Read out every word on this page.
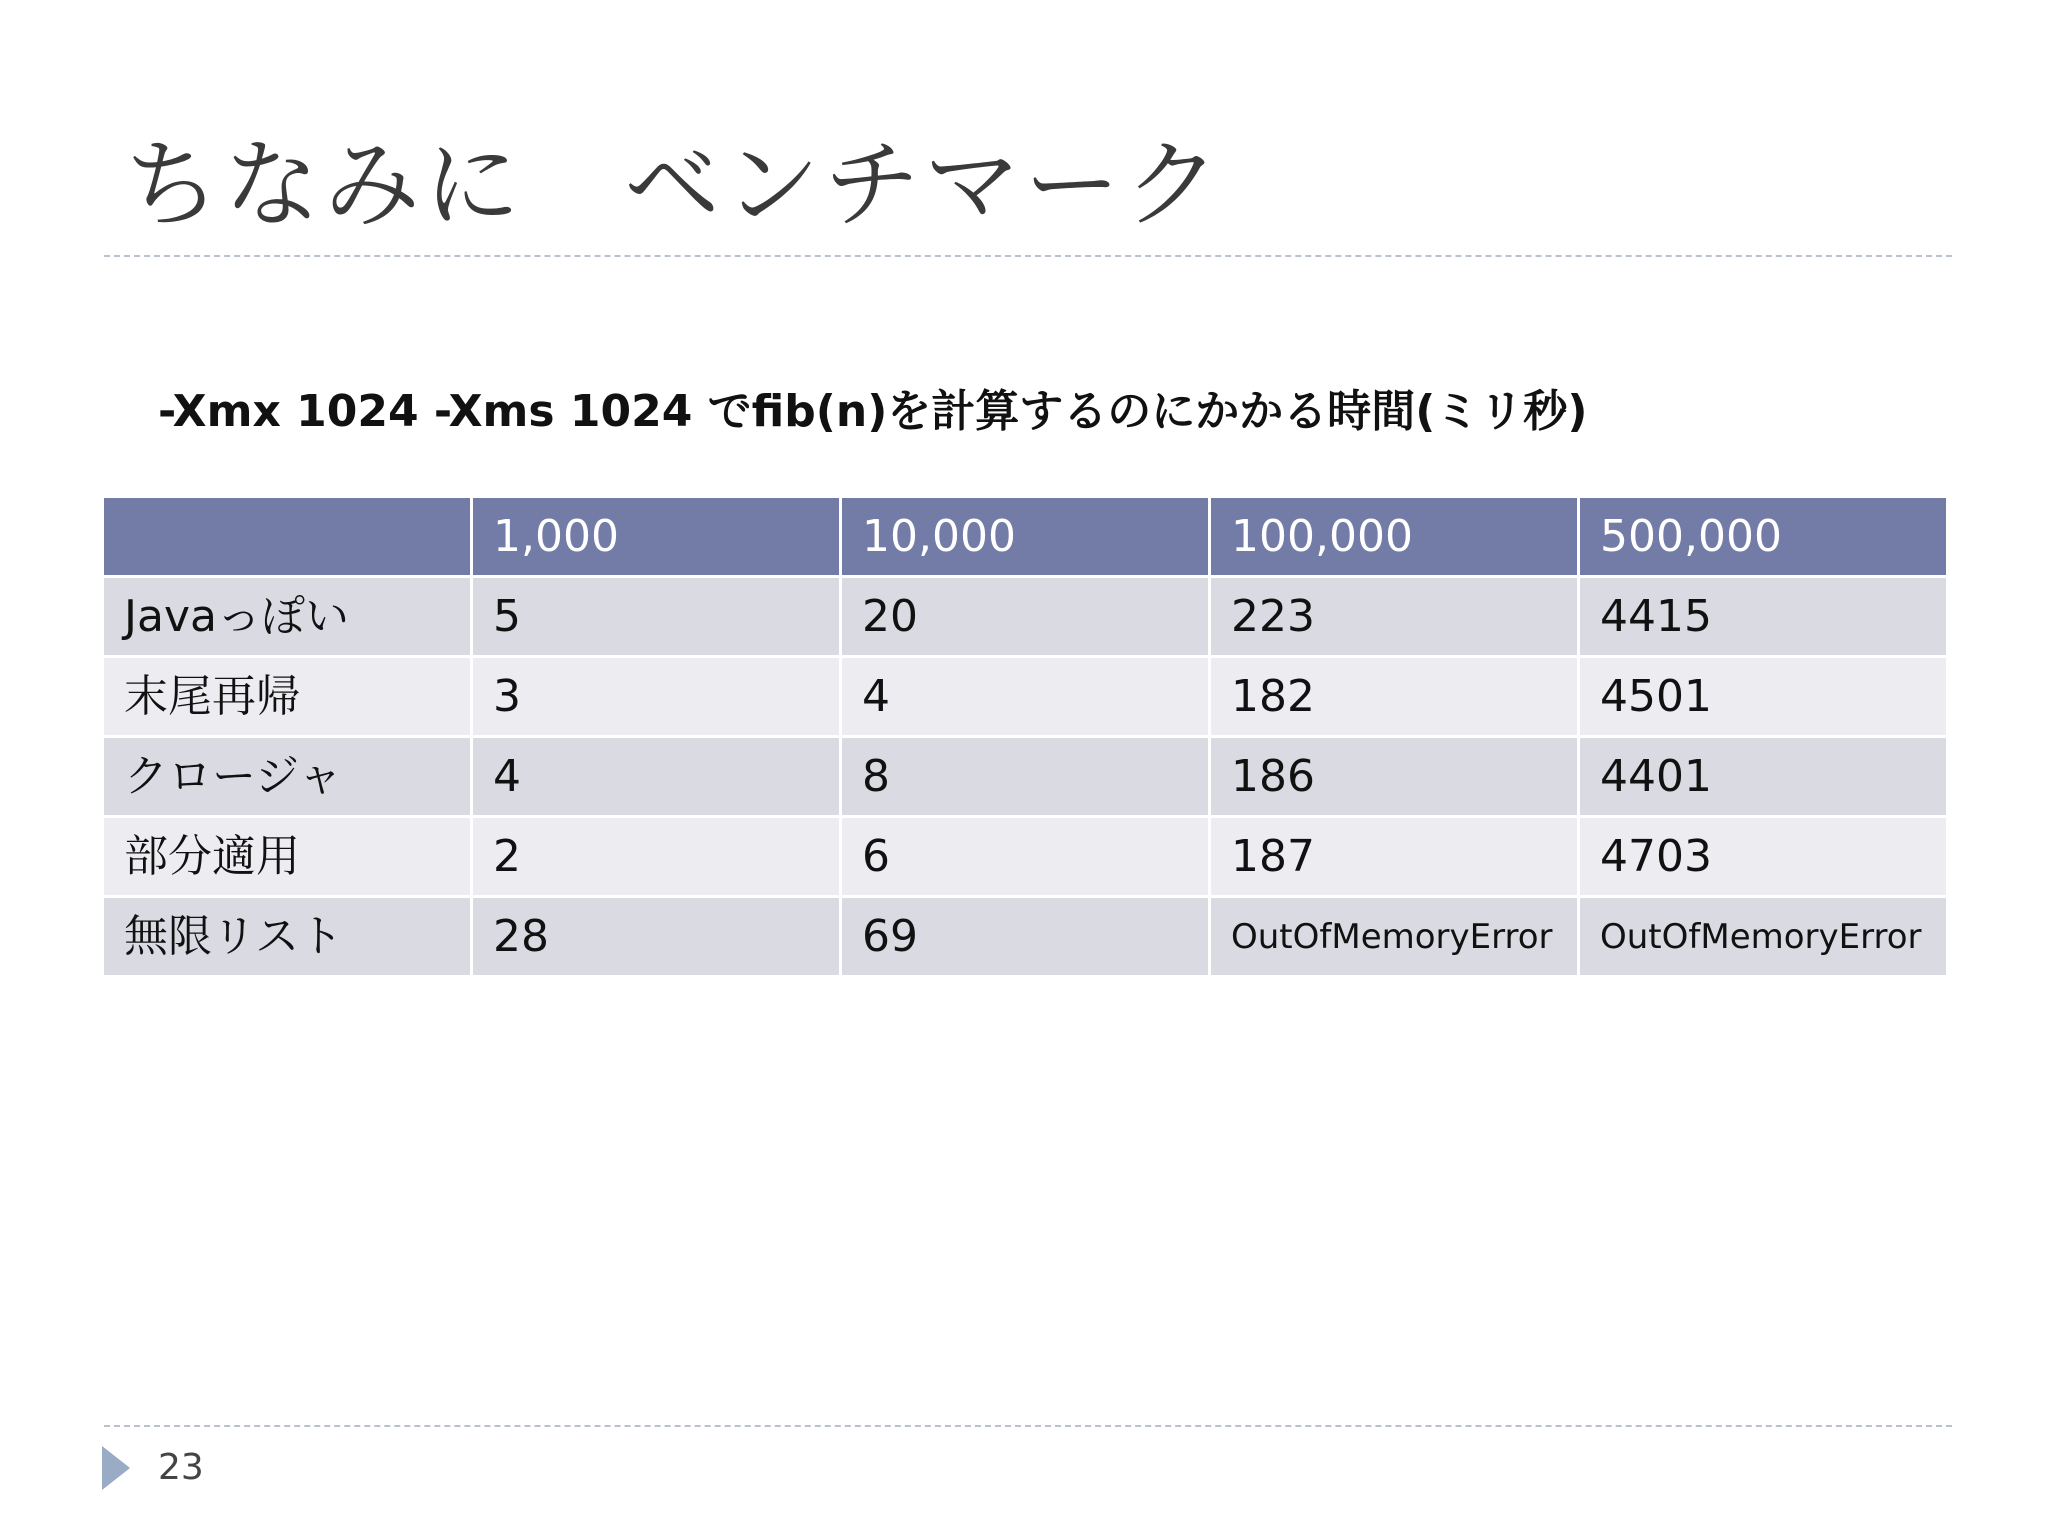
ちなみに　ベンチマーク
-Xmx 1024 -Xms 1024 でfib(n)を計算するのにかかる時間(ミリ秒)
	1,000	10,000	100,000	500,000
Javaっぽい	5	20	223	4415
末尾再帰	3	4	182	4501
クロージャ	4	8	186	4401
部分適用	2	6	187	4703
無限リスト	28	69	OutOfMemoryError	OutOfMemoryError
23
